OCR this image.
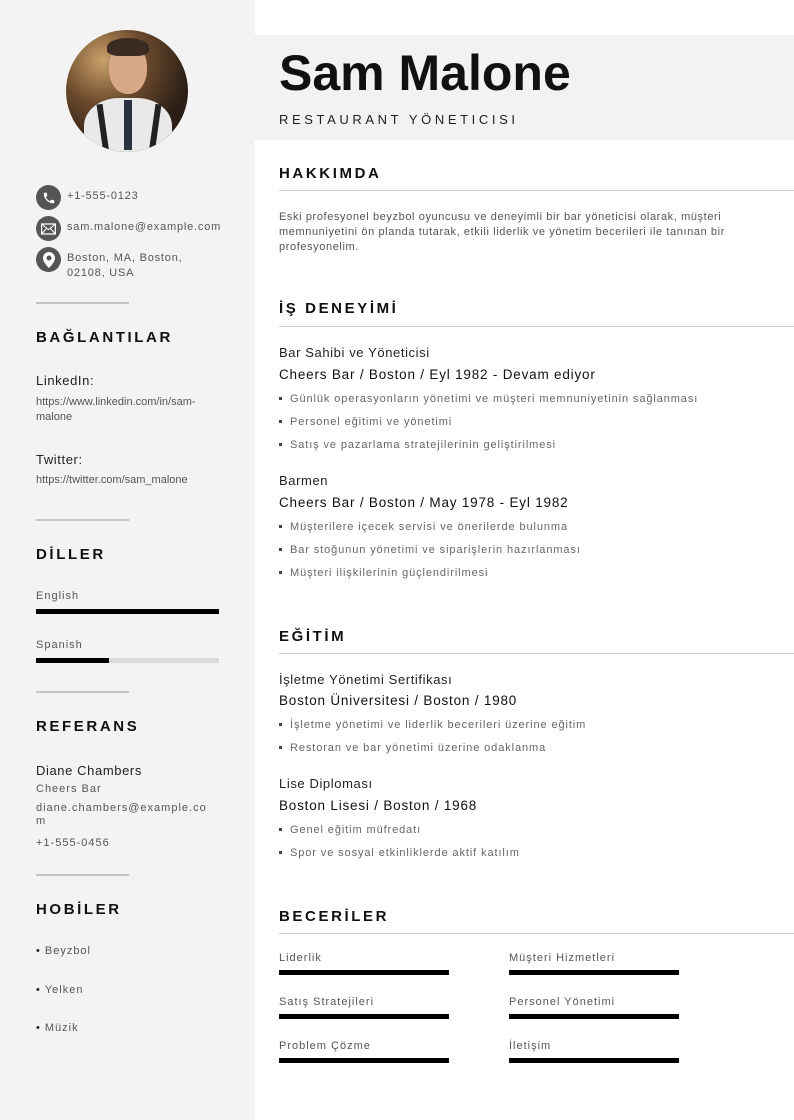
+1-555-0123
sam.malone@example.com
Boston, MA, Boston, 02108, USA
BAĞLANTILAR
LinkedIn:
https://www.linkedin.com/in/sam-malone
Twitter:
https://twitter.com/sam_malone
DİLLER
English
Spanish
REFERANS
Diane Chambers
Cheers Bar
diane.chambers@example.com
+1-555-0456
HOBİLER
• Beyzbol
• Yelken
• Müzik
Sam Malone
RESTAURANT YÖNETICISI
HAKKIMDA
Eski profesyonel beyzbol oyuncusu ve deneyimli bir bar yöneticisi olarak, müşteri memnuniyetini ön planda tutarak, etkili liderlik ve yönetim becerileri ile tanınan bir profesyonelim.
İŞ DENEYİMİ
Bar Sahibi ve Yöneticisi
Cheers Bar / Boston / Eyl 1982 - Devam ediyor
Günlük operasyonların yönetimi ve müşteri memnuniyetinin sağlanması
Personel eğitimi ve yönetimi
Satış ve pazarlama stratejilerinin geliştirilmesi
Barmen
Cheers Bar / Boston / May 1978 - Eyl 1982
Müşterilere içecek servisi ve önerilerde bulunma
Bar stoğunun yönetimi ve siparişlerin hazırlanması
Müşteri ilişkilerinin güçlendirilmesi
EĞİTİM
İşletme Yönetimi Sertifikası
Boston Üniversitesi / Boston / 1980
İşletme yönetimi ve liderlik becerileri üzerine eğitim
Restoran ve bar yönetimi üzerine odaklanma
Lise Diploması
Boston Lisesi / Boston / 1968
Genel eğitim müfredatı
Spor ve sosyal etkinliklerde aktif katılım
BECERİLER
Liderlik	Müşteri Hizmetleri
Satış Stratejileri	Personel Yönetimi
Problem Çözme	İletişim
